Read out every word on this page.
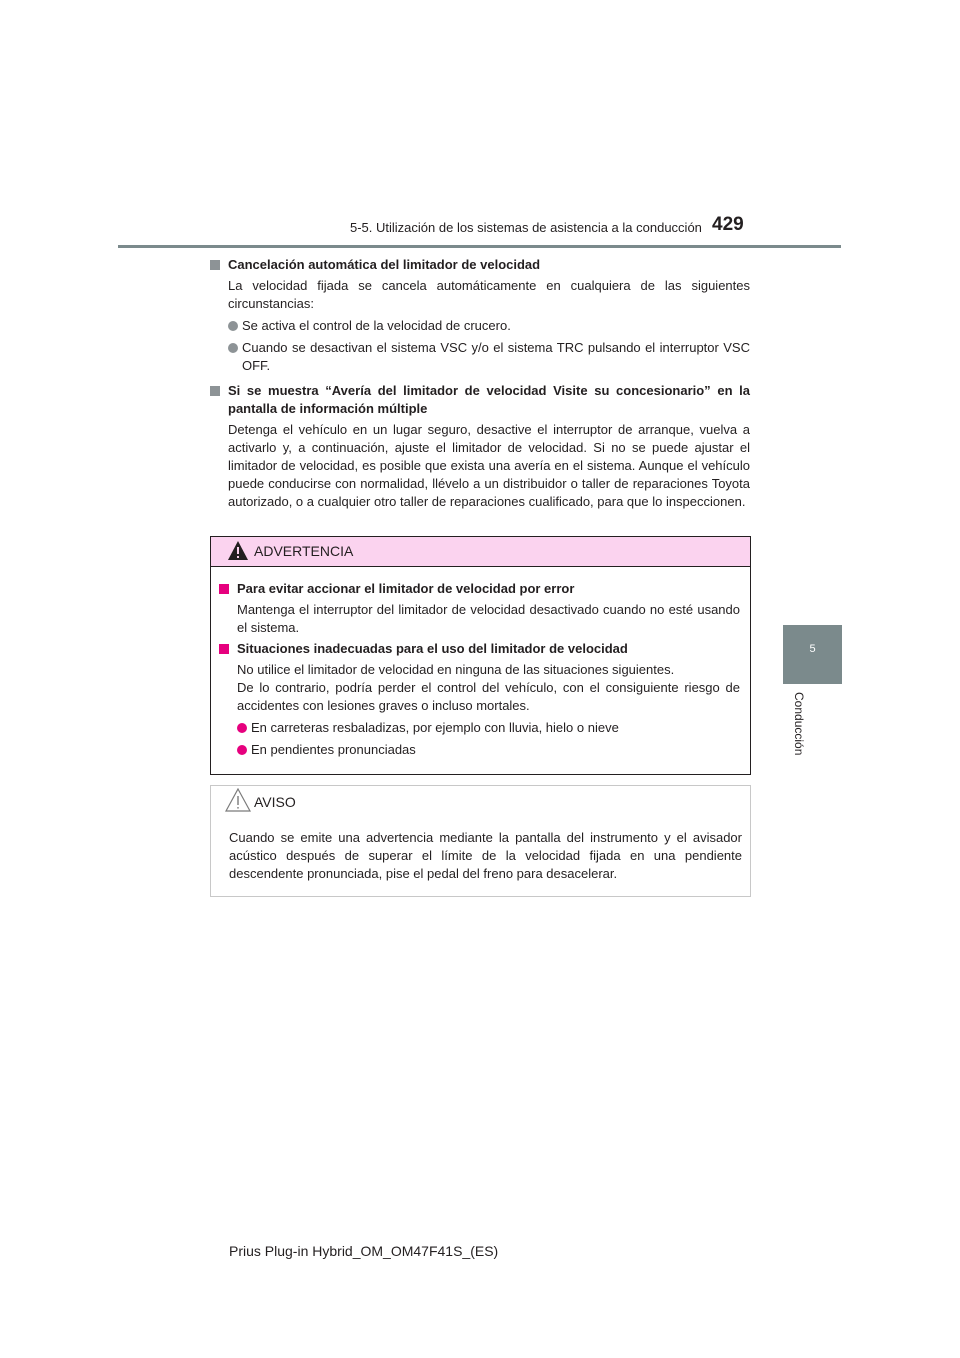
5-5. Utilización de los sistemas de asistencia a la conducción 429
5
Conducción

Cancelación automática del limitador de velocidad

La velocidad fijada se cancela automáticamente en cualquiera de las siguientes circunstancias:

Se activa el control de la velocidad de crucero.
Cuando se desactivan el sistema VSC y/o el sistema TRC pulsando el interruptor VSC OFF.

Si se muestra “Avería del limitador de velocidad Visite su concesionario” en la pantalla de información múltiple

Detenga el vehículo en un lugar seguro, desactive el interruptor de arranque, vuelva a activarlo y, a continuación, ajuste el limitador de velocidad. Si no se puede ajustar el limitador de velocidad, es posible que exista una avería en el sistema. Aunque el vehículo puede conducirse con normalidad, llévelo a un distribuidor o taller de reparaciones Toyota autorizado, o a cualquier otro taller de reparaciones cualificado, para que lo inspeccionen.

ADVERTENCIA

Para evitar accionar el limitador de velocidad por error

Mantenga el interruptor del limitador de velocidad desactivado cuando no esté usando el sistema.

Situaciones inadecuadas para el uso del limitador de velocidad

No utilice el limitador de velocidad en ninguna de las situaciones siguientes.

De lo contrario, podría perder el control del vehículo, con el consiguiente riesgo de accidentes con lesiones graves o incluso mortales.

En carreteras resbaladizas, por ejemplo con lluvia, hielo o nieve
En pendientes pronunciadas
AVISO
Cuando se emite una advertencia mediante la pantalla del instrumento y el avisador acústico después de superar el límite de la velocidad fijada en una pendiente descendente pronunciada, pise el pedal del freno para desacelerar.
Prius Plug-in Hybrid_OM_OM47F41S_(ES)
